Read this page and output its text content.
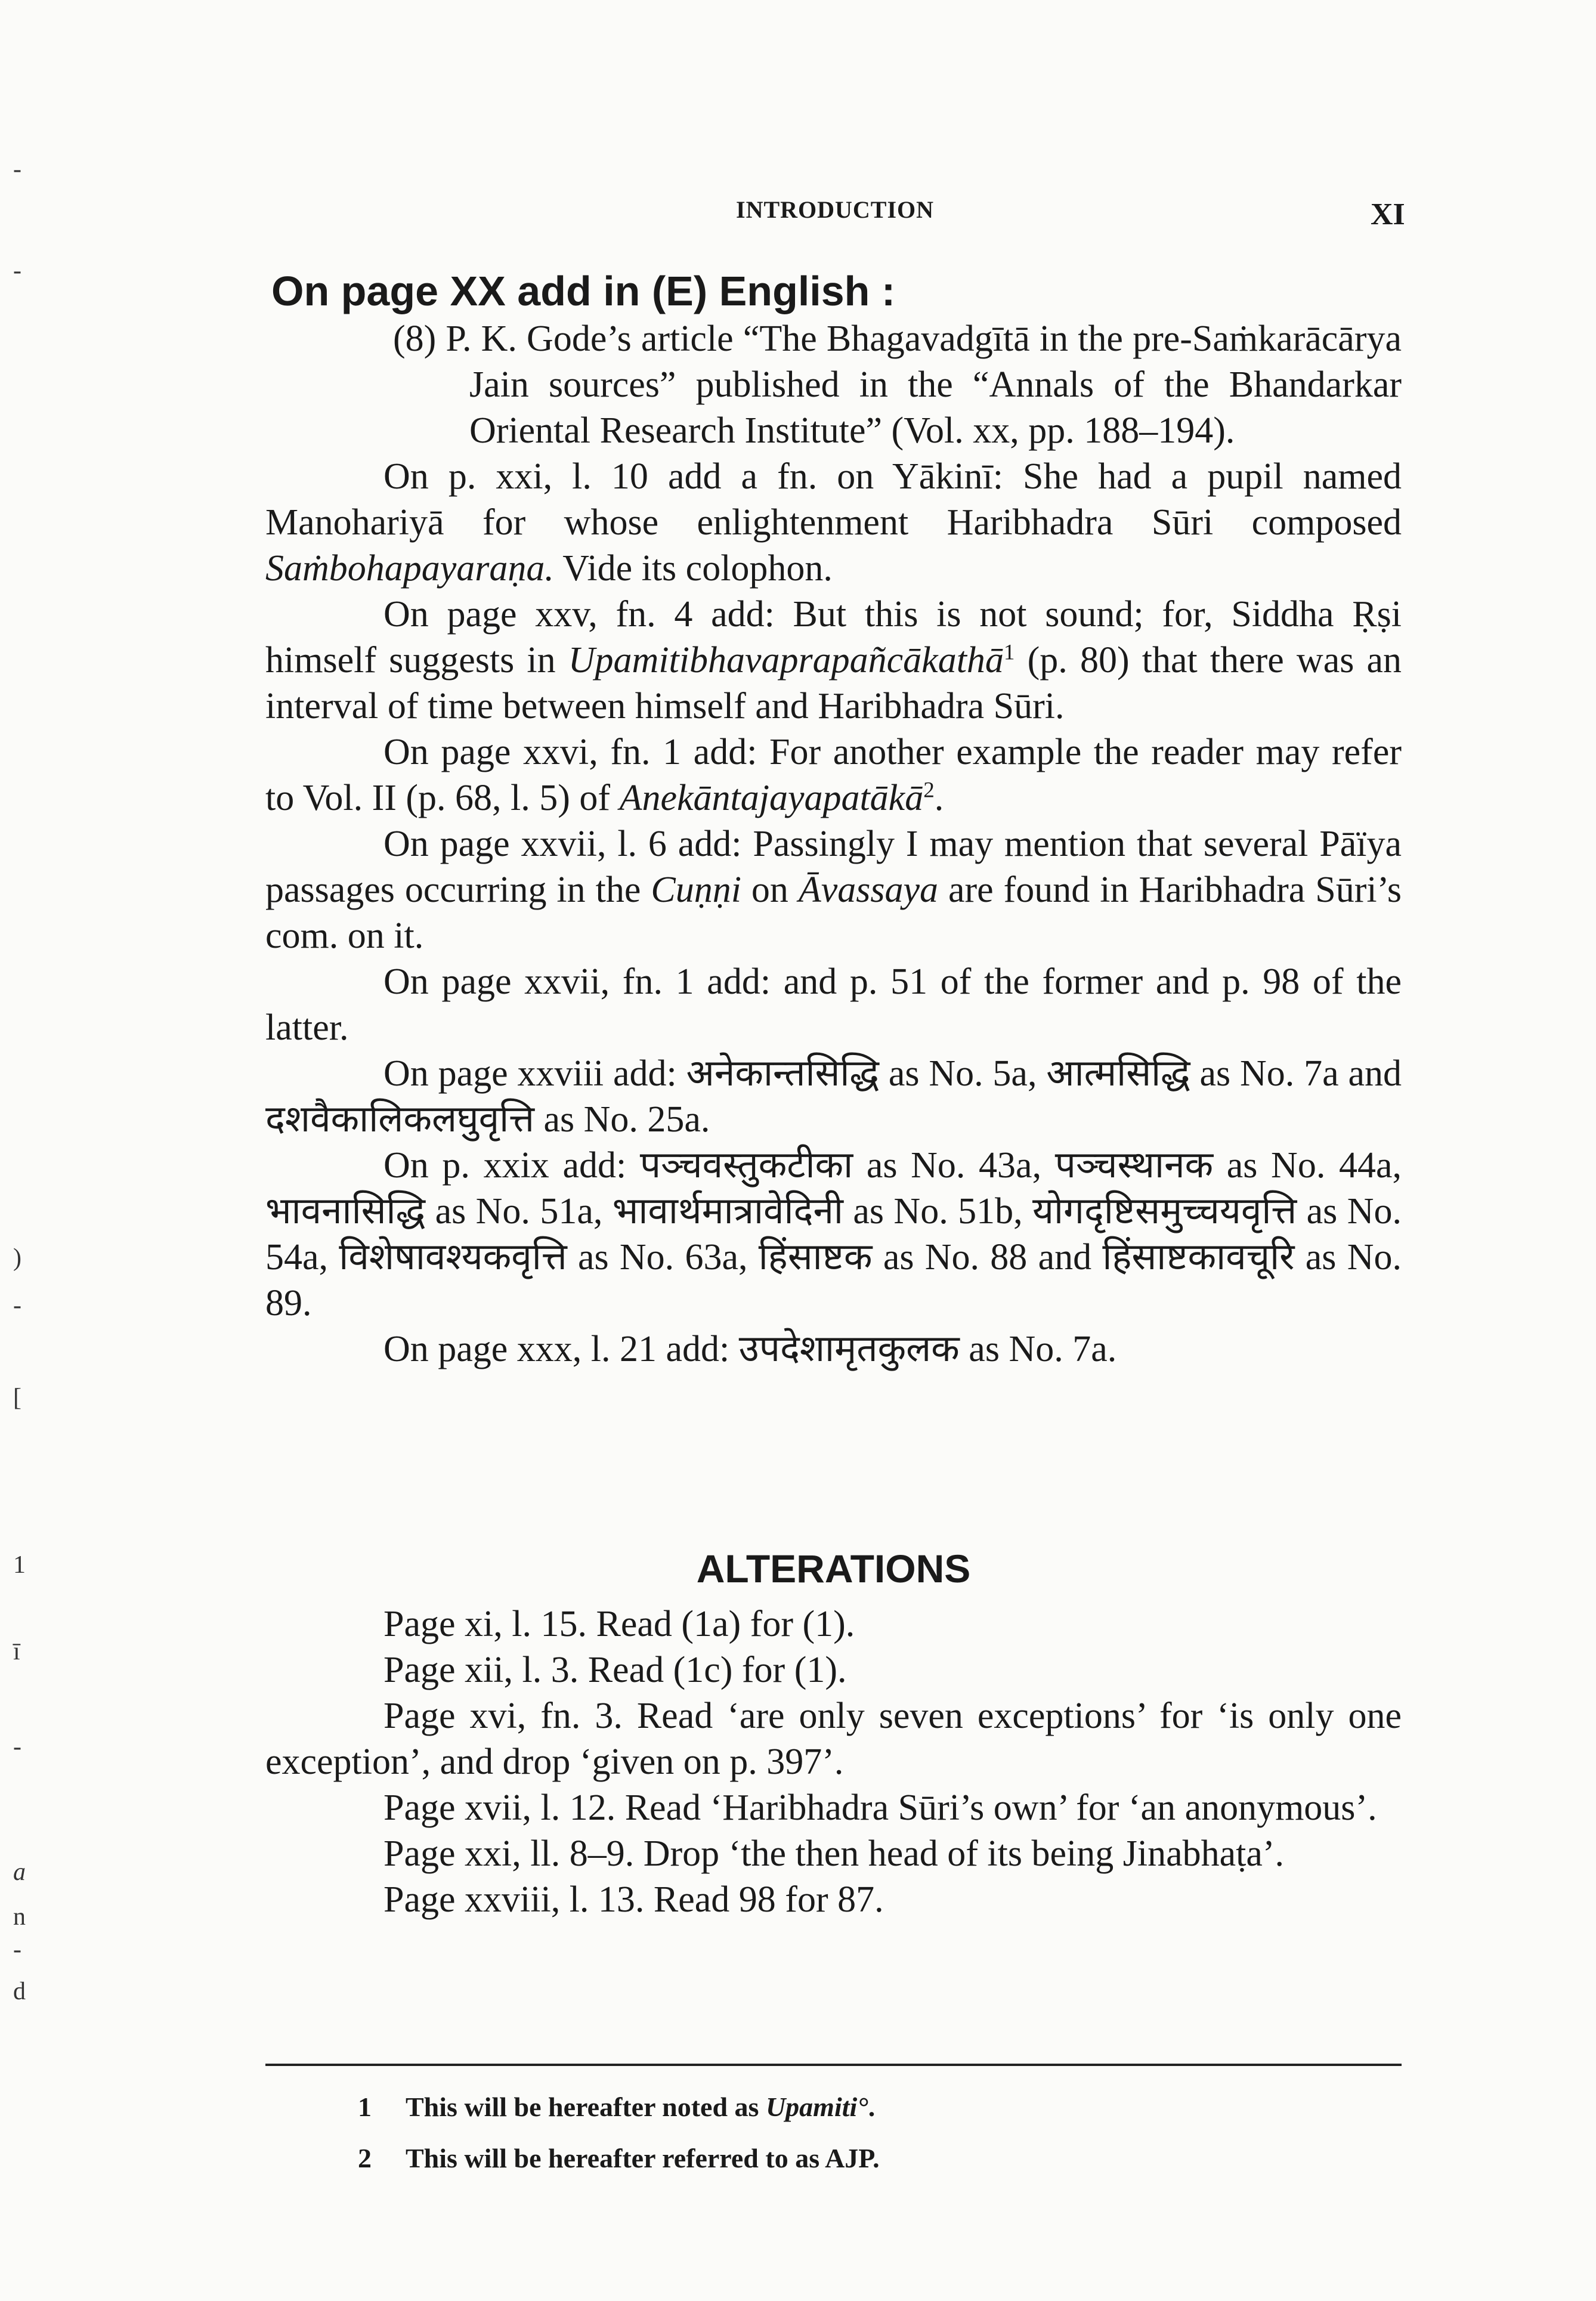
-
-
)
-
[
1
ī
-
a
n
-
d
INTRODUCTION	XI
On page XX add in (E) English :

(8) P. K. Gode’s article “The Bhagavadgītā in the pre-Saṁkarācārya Jain sources” published in the “Annals of the Bhandarkar Oriental Research Institute” (Vol. xx, pp. 188–194).

On p. xxi, l. 10 add a fn. on Yākinī: She had a pupil named Manohariyā for whose enlightenment Haribhadra Sūri composed Saṁbohapayaraṇa. Vide its colophon.

On page xxv, fn. 4 add: But this is not sound; for, Siddha Ṛṣi himself suggests in Upamitibhavaprapañcākathā$^1$ (p. 80) that there was an interval of time between himself and Haribhadra Sūri.

On page xxvi, fn. 1 add: For another example the reader may refer to Vol. II (p. 68, l. 5) of Anekāntajayapatākā$^2$.

On page xxvii, l. 6 add: Passingly I may mention that several Pāïya passages occurring in the Cuṇṇi on Āvassaya are found in Haribhadra Sūri’s com. on it.

On page xxvii, fn. 1 add: and p. 51 of the former and p. 98 of the latter.

On page xxviii add: अनेकान्तसिद्धि as No. 5a, आत्मसिद्धि as No. 7a and दशवैकालिकलघुवृत्ति as No. 25a.

On p. xxix add: पञ्चवस्तुकटीका as No. 43a, पञ्चस्थानक as No. 44a, भावनासिद्धि as No. 51a, भावार्थमात्रावेदिनी as No. 51b, योगदृष्टिसमुच्चयवृत्ति as No. 54a, विशेषावश्यकवृत्ति as No. 63a, हिंसाष्टक as No. 88 and हिंसाष्टकावचूरि as No. 89.

On page xxx, l. 21 add: उपदेशामृतकुलक as No. 7a.

ALTERATIONS

Page xi, l. 15. Read (1a) for (1).

Page xii, l. 3. Read (1c) for (1).

Page xvi, fn. 3. Read ‘are only seven exceptions’ for ‘is only one exception’, and drop ‘given on p. 397’.

Page xvii, l. 12. Read ‘Haribhadra Sūri’s own’ for ‘an anonymous’.

Page xxi, ll. 8–9. Drop ‘the then head of its being Jinabhaṭa’.

Page xxviii, l. 13. Read 98 for 87.

1 This will be hereafter noted as Upamiti°.
2 This will be hereafter referred to as AJP.
